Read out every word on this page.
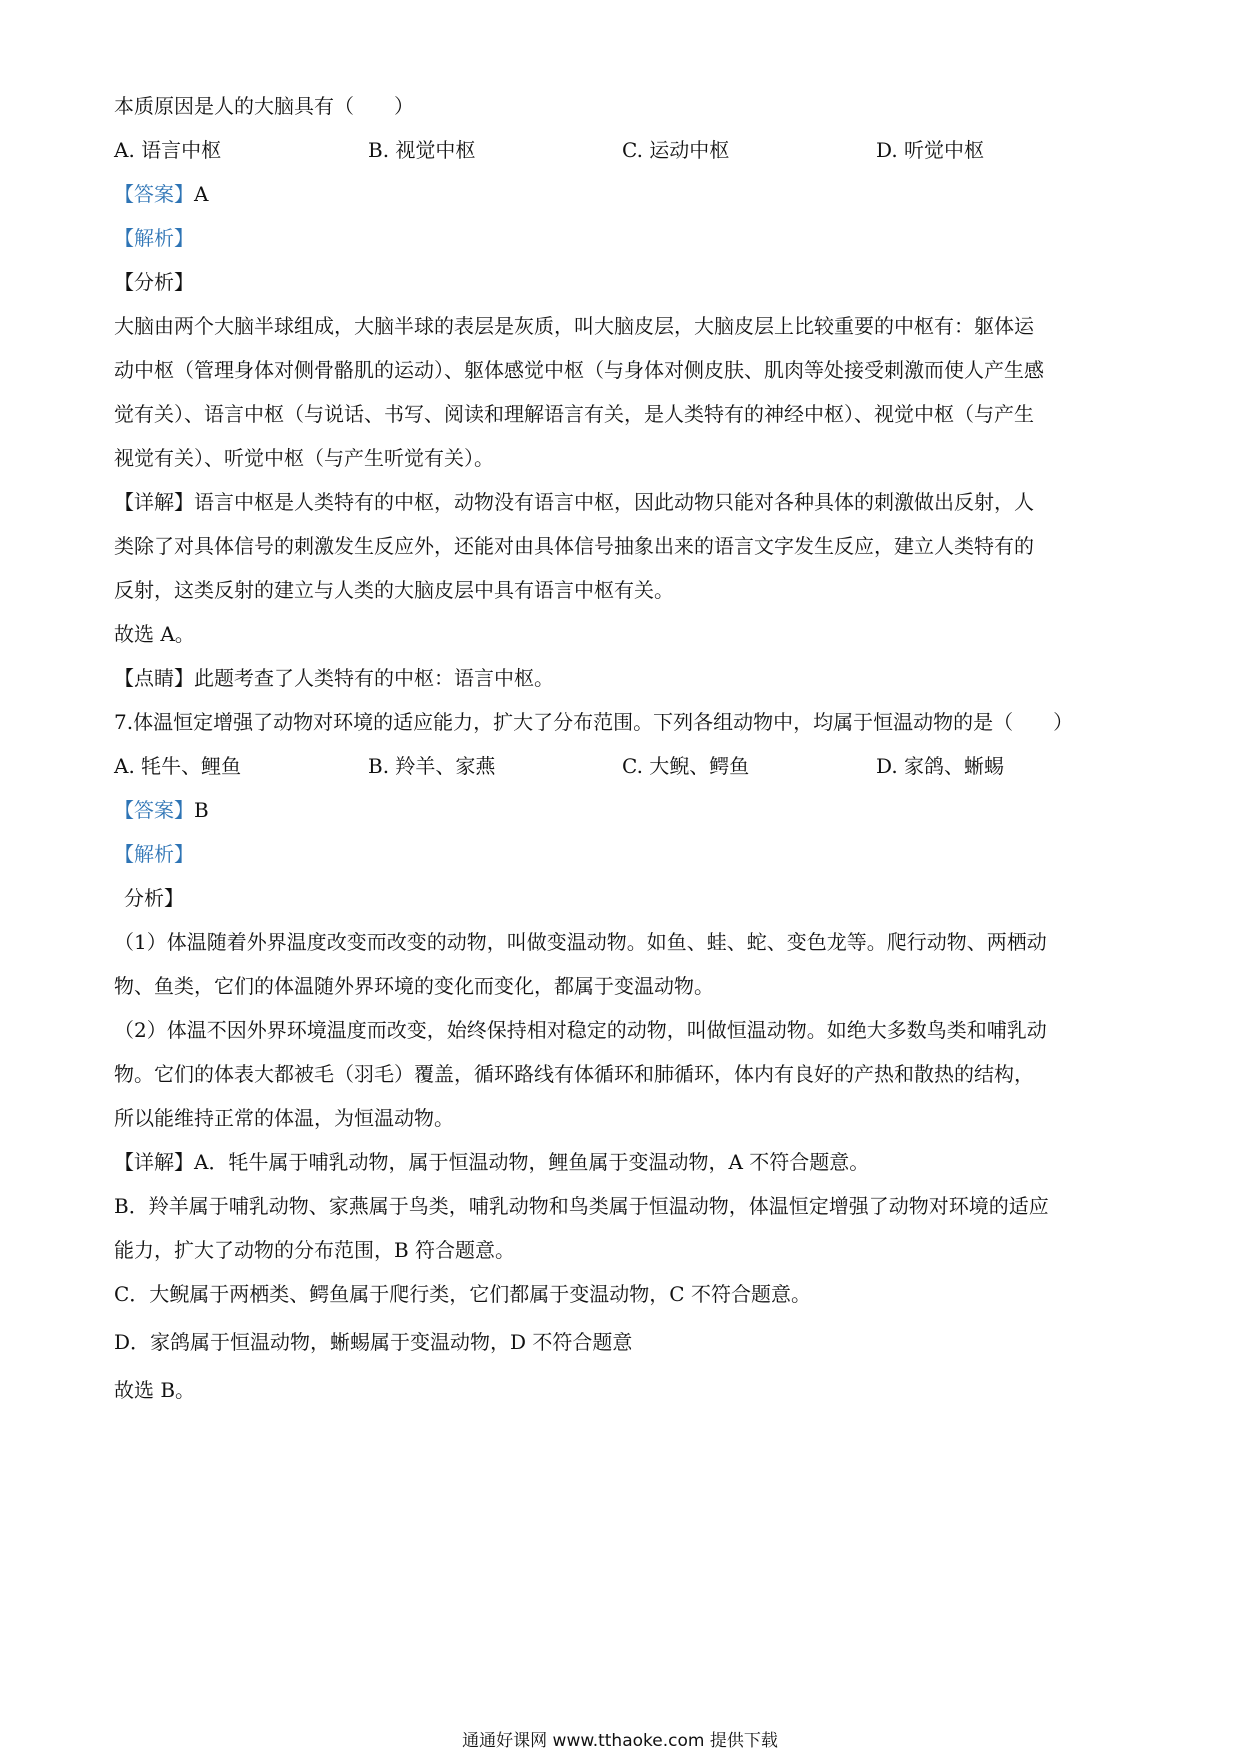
本质原因是人的大脑具有（　　）
A. 语言中枢	B. 视觉中枢	C. 运动中枢	D. 听觉中枢
【答案】A
【解析】
【分析】
大脑由两个大脑半球组成，大脑半球的表层是灰质，叫大脑皮层，大脑皮层上比较重要的中枢有：躯体运
动中枢（管理身体对侧骨骼肌的运动）、躯体感觉中枢（与身体对侧皮肤、肌肉等处接受刺激而使人产生感
觉有关）、语言中枢（与说话、书写、阅读和理解语言有关，是人类特有的神经中枢）、视觉中枢（与产生
视觉有关）、听觉中枢（与产生听觉有关）。
【详解】语言中枢是人类特有的中枢，动物没有语言中枢，因此动物只能对各种具体的刺激做出反射，人
类除了对具体信号的刺激发生反应外，还能对由具体信号抽象出来的语言文字发生反应，建立人类特有的
反射，这类反射的建立与人类的大脑皮层中具有语言中枢有关。
故选 A。
【点睛】此题考查了人类特有的中枢：语言中枢。
7.体温恒定增强了动物对环境的适应能力，扩大了分布范围。下列各组动物中，均属于恒温动物的是（　　）
A. 牦牛、鲤鱼	B. 羚羊、家燕	C. 大鲵、鳄鱼	D. 家鸽、蜥蜴
【答案】B
【解析】
分析】
（1）体温随着外界温度改变而改变的动物，叫做变温动物。如鱼、蛙、蛇、变色龙等。爬行动物、两栖动
物、鱼类，它们的体温随外界环境的变化而变化，都属于变温动物。
（2）体温不因外界环境温度而改变，始终保持相对稳定的动物，叫做恒温动物。如绝大多数鸟类和哺乳动
物。它们的体表大都被毛（羽毛）覆盖，循环路线有体循环和肺循环，体内有良好的产热和散热的结构，
所以能维持正常的体温，为恒温动物。
【详解】A．牦牛属于哺乳动物，属于恒温动物，鲤鱼属于变温动物，A 不符合题意。
B．羚羊属于哺乳动物、家燕属于鸟类，哺乳动物和鸟类属于恒温动物，体温恒定增强了动物对环境的适应
能力，扩大了动物的分布范围，B 符合题意。
C．大鲵属于两栖类、鳄鱼属于爬行类，它们都属于变温动物，C 不符合题意。
D．家鸽属于恒温动物，蜥蜴属于变温动物，D 不符合题意
故选 B。
通通好课网 www.tthaoke.com 提供下载
